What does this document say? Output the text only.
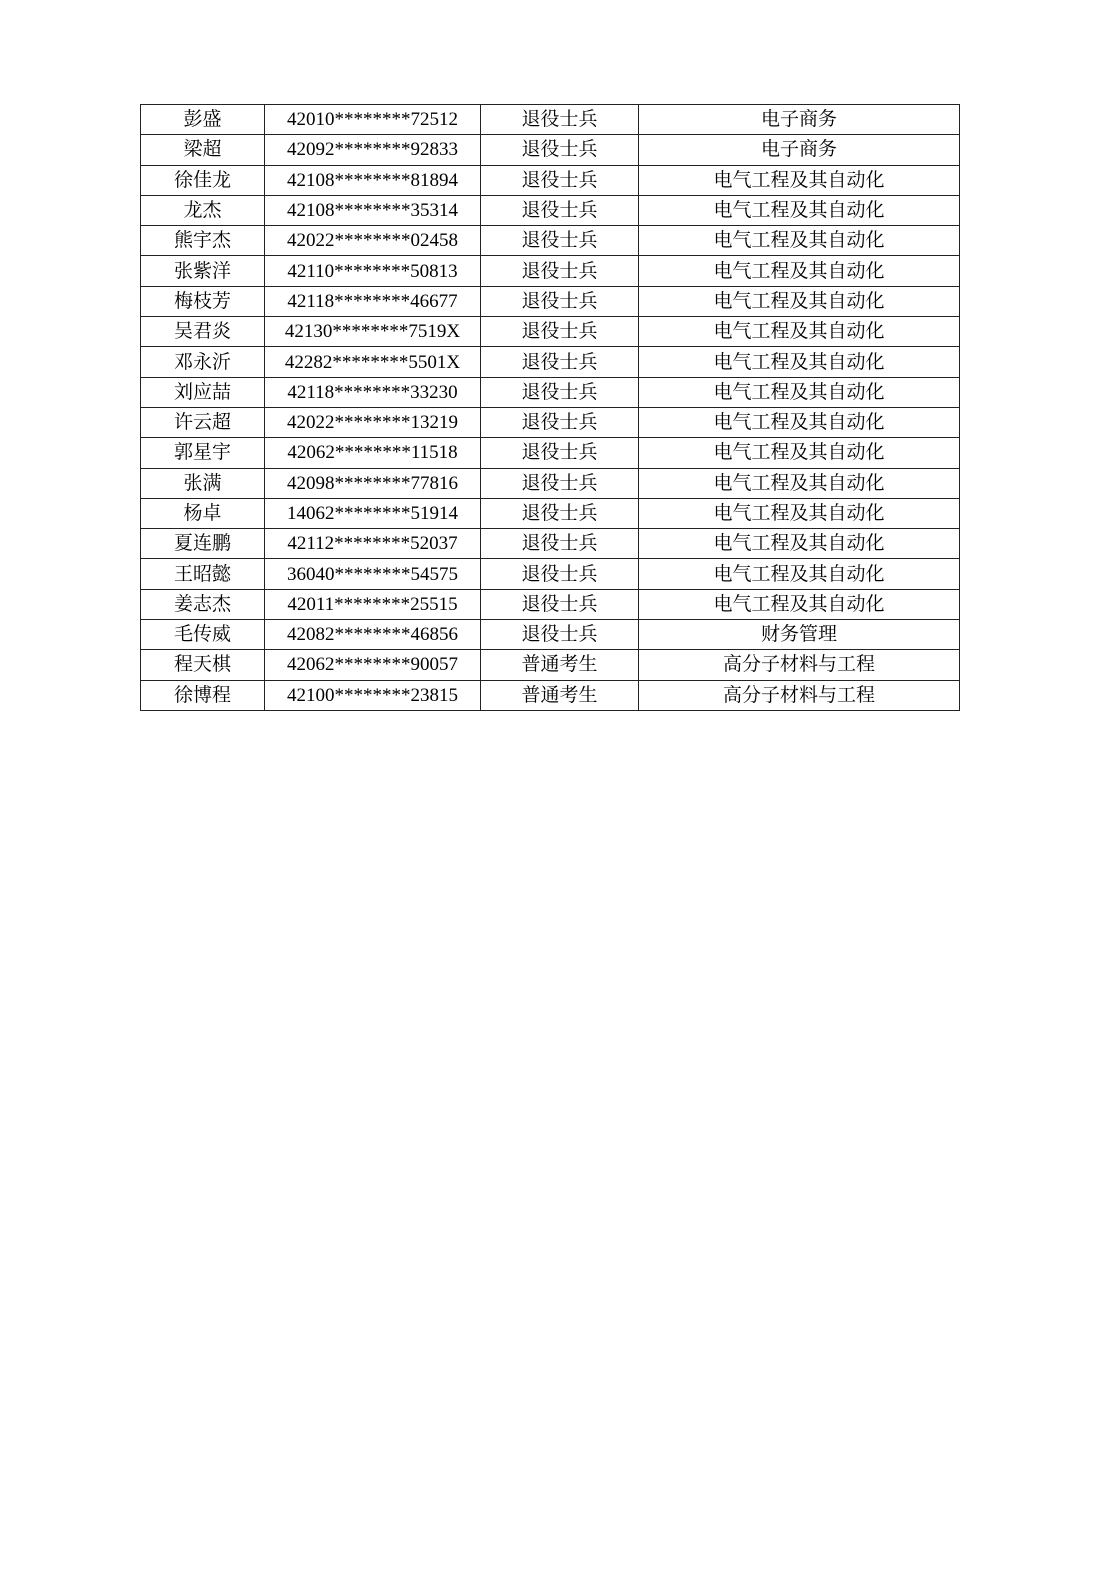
彭盛	42010********72512	退役士兵	电子商务
梁超	42092********92833	退役士兵	电子商务
徐佳龙	42108********81894	退役士兵	电气工程及其自动化
龙杰	42108********35314	退役士兵	电气工程及其自动化
熊宇杰	42022********02458	退役士兵	电气工程及其自动化
张紫洋	42110********50813	退役士兵	电气工程及其自动化
梅枝芳	42118********46677	退役士兵	电气工程及其自动化
吴君炎	42130********7519X	退役士兵	电气工程及其自动化
邓永沂	42282********5501X	退役士兵	电气工程及其自动化
刘应喆	42118********33230	退役士兵	电气工程及其自动化
许云超	42022********13219	退役士兵	电气工程及其自动化
郭星宇	42062********11518	退役士兵	电气工程及其自动化
张满	42098********77816	退役士兵	电气工程及其自动化
杨卓	14062********51914	退役士兵	电气工程及其自动化
夏连鹏	42112********52037	退役士兵	电气工程及其自动化
王昭懿	36040********54575	退役士兵	电气工程及其自动化
姜志杰	42011********25515	退役士兵	电气工程及其自动化
毛传威	42082********46856	退役士兵	财务管理
程天棋	42062********90057	普通考生	高分子材料与工程
徐博程	42100********23815	普通考生	高分子材料与工程
